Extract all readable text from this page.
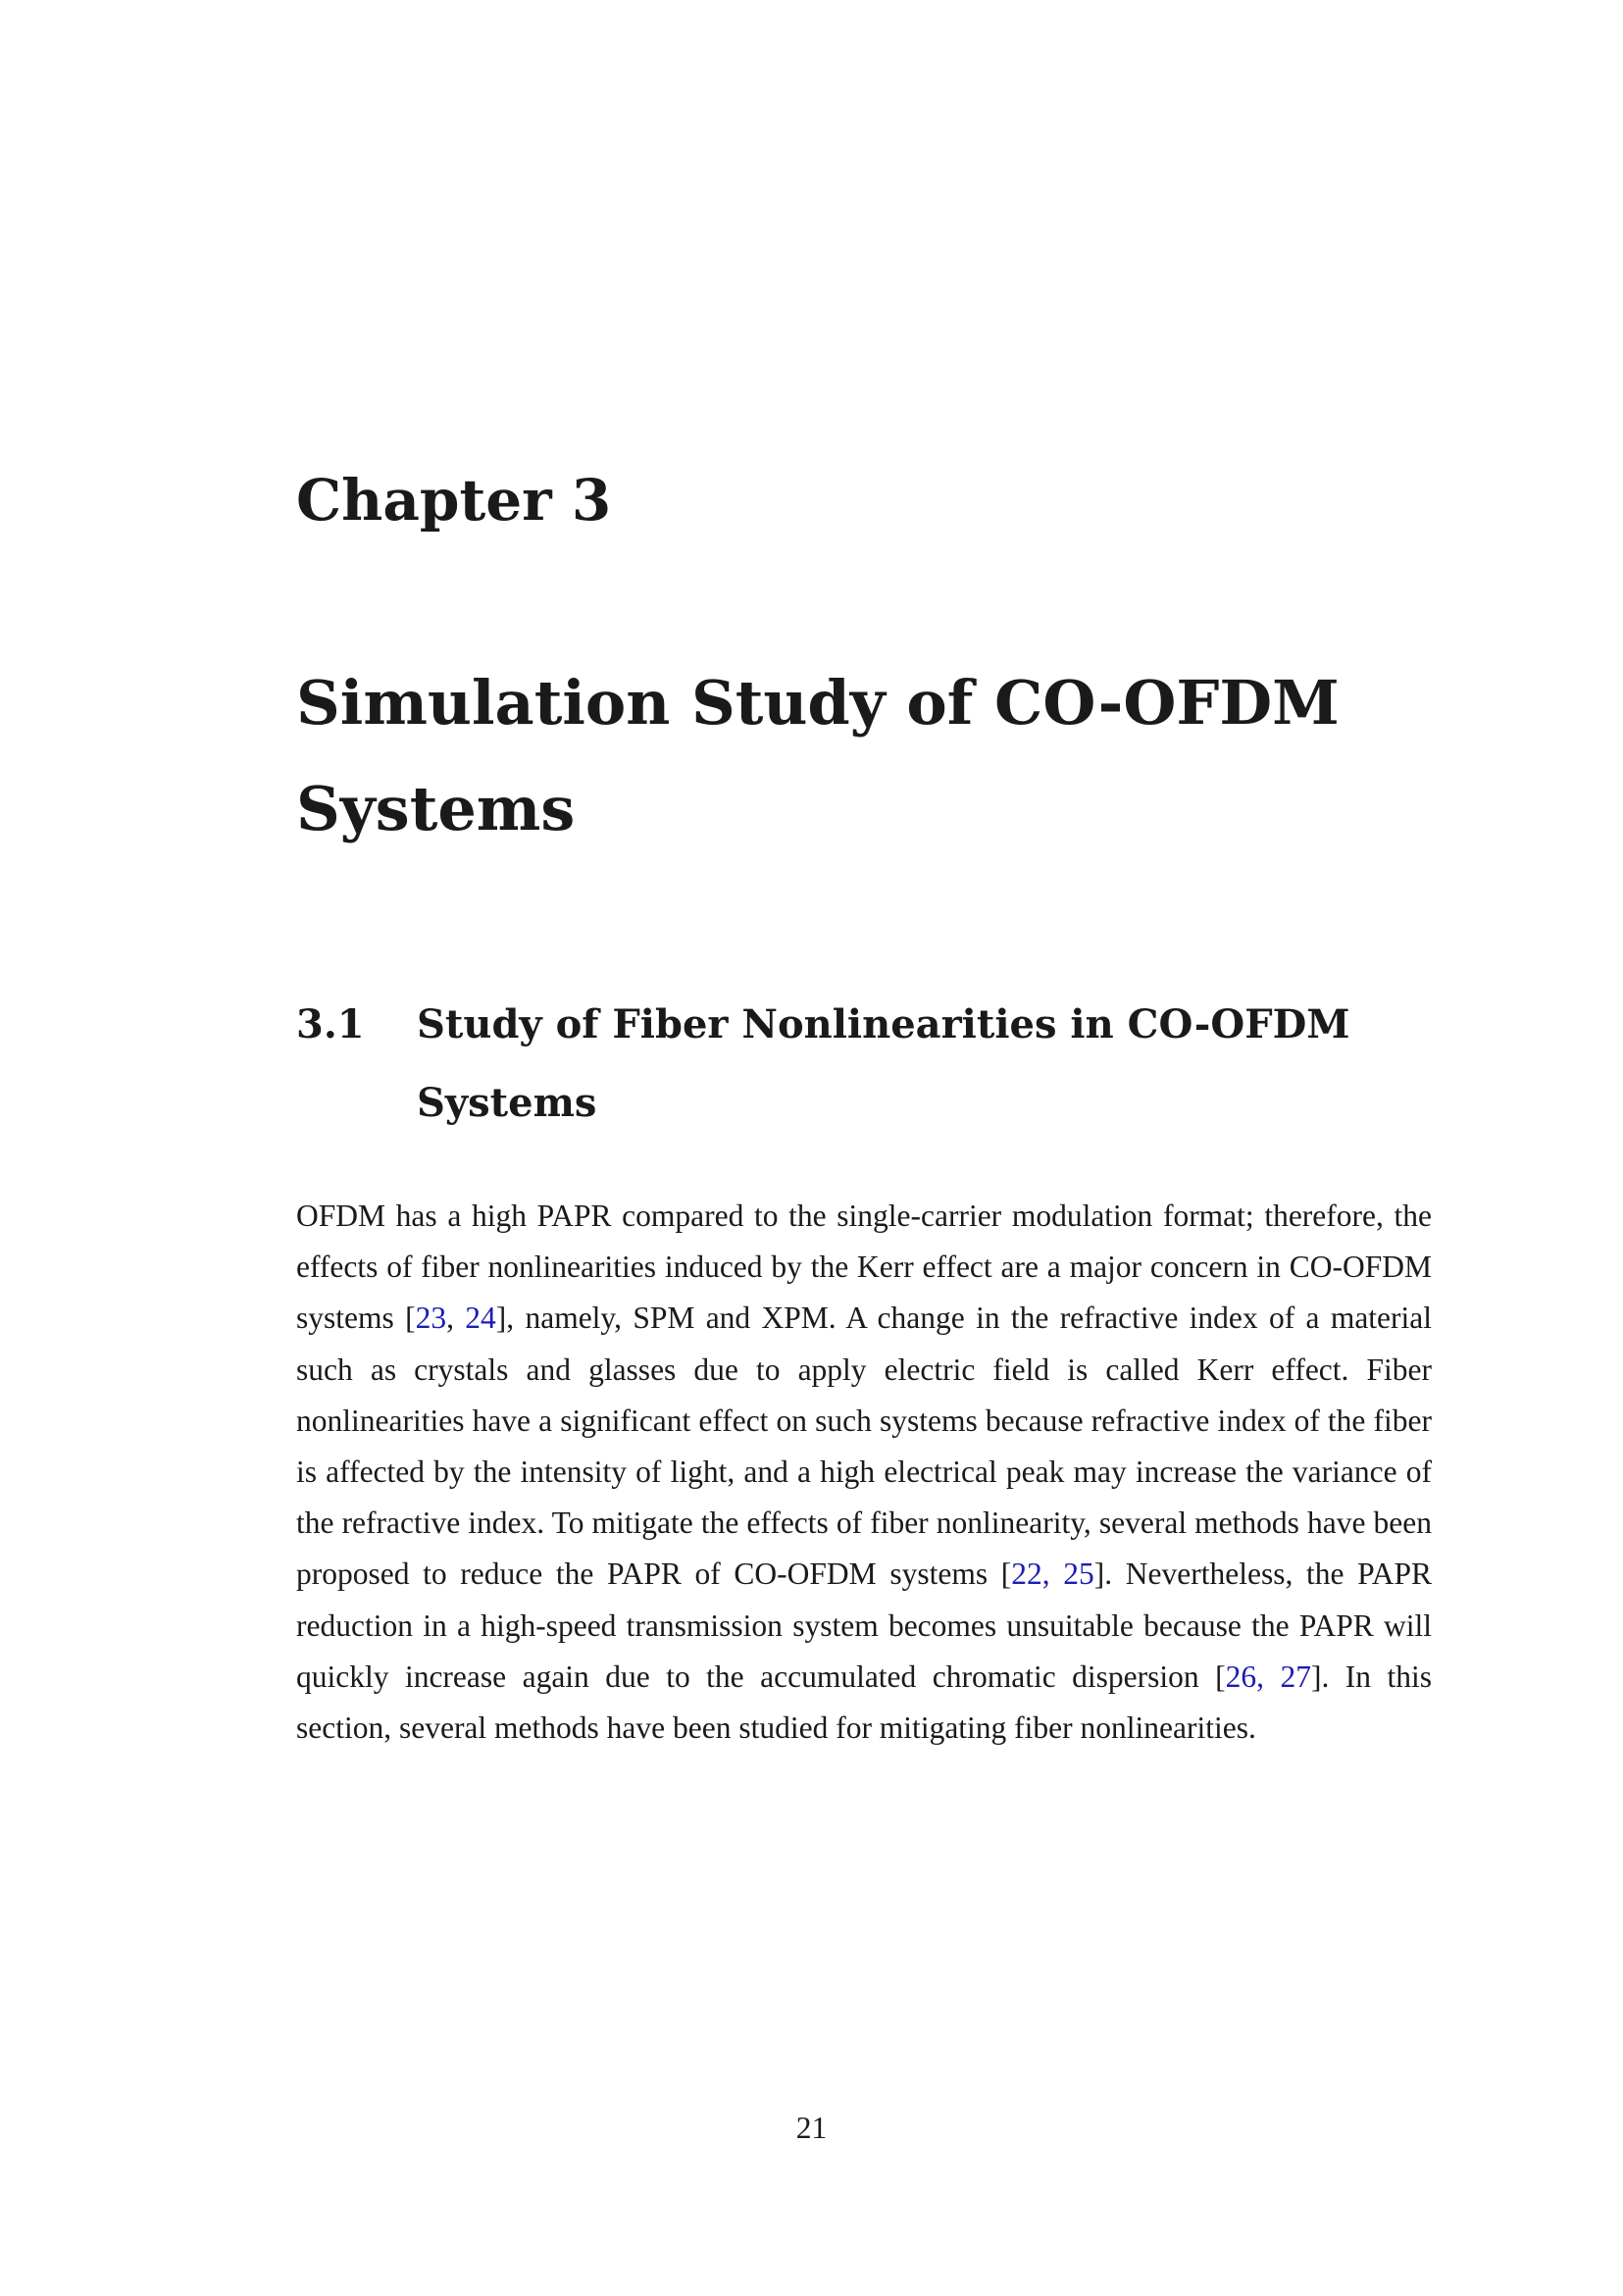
Chapter 3
Simulation Study of CO-OFDM Systems
3.1 Study of Fiber Nonlinearities in CO-OFDM Systems

OFDM has a high PAPR compared to the single-carrier modulation format; therefore, the effects of fiber nonlinearities induced by the Kerr effect are a major concern in CO-OFDM systems [23, 24], namely, SPM and XPM. A change in the refractive index of a material such as crystals and glasses due to apply electric field is called Kerr effect. Fiber nonlinearities have a significant effect on such systems because refractive index of the fiber is affected by the intensity of light, and a high electrical peak may increase the variance of the refractive index. To mitigate the effects of fiber nonlinearity, several methods have been proposed to reduce the PAPR of CO-OFDM systems [22, 25]. Nevertheless, the PAPR reduction in a high-speed transmission system becomes unsuitable because the PAPR will quickly increase again due to the accumulated chromatic dispersion [26, 27]. In this section, several methods have been studied for mitigating fiber nonlinearities.

21
